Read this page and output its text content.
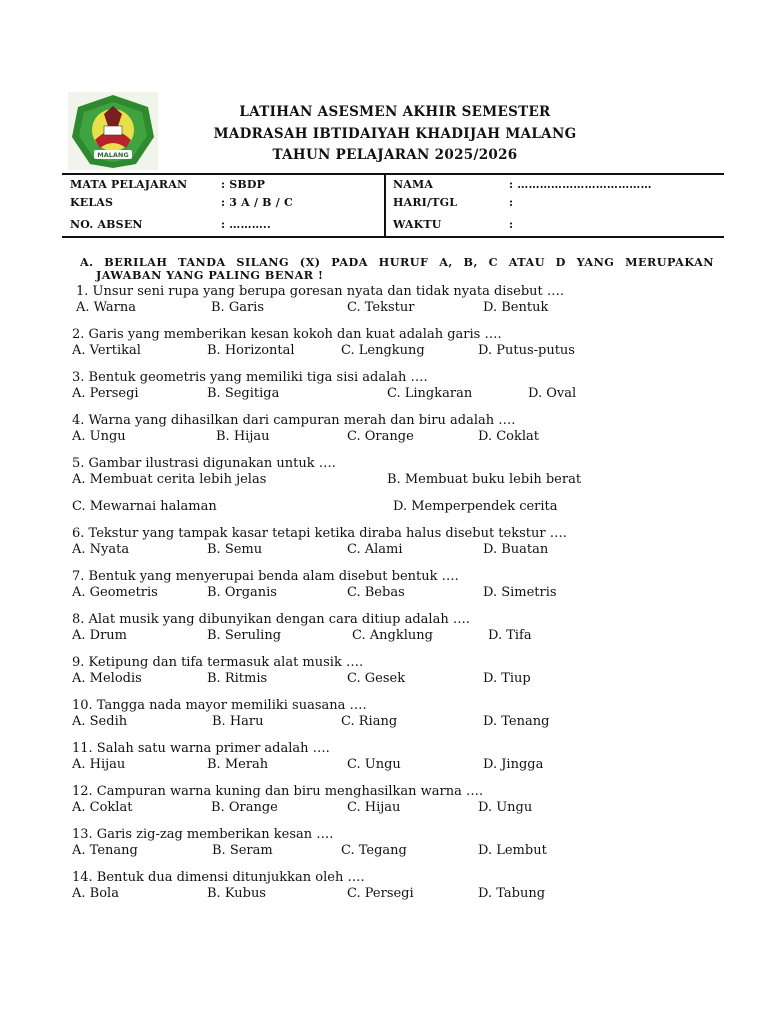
MALANG
LATIHAN ASESMEN AKHIR SEMESTER
MADRASAH IBTIDAIYAH KHADIJAH MALANG
TAHUN PELAJARAN 2025/2026
MATA PELAJARAN	: SBDP
KELAS	: 3 A / B / C
NO. ABSEN	: ………..
NAMA	: ………………………………
HARI/TGL	:
WAKTU	:
A. BERILAH TANDA SILANG (X) PADA HURUF A, B, C ATAU D YANG MERUPAKAN
JAWABAN YANG PALING BENAR !
1. Unsur seni rupa yang berupa goresan nyata dan tidak nyata disebut ….
A. Warna	B. Garis	C. Tekstur	D. Bentuk
2. Garis yang memberikan kesan kokoh dan kuat adalah garis ….
A. Vertikal	B. Horizontal	C. Lengkung	D. Putus-putus
3. Bentuk geometris yang memiliki tiga sisi adalah ….
A. Persegi	B. Segitiga	C. Lingkaran	D. Oval
4. Warna yang dihasilkan dari campuran merah dan biru adalah ….
A. Ungu	B. Hijau	C. Orange	D. Coklat
5. Gambar ilustrasi digunakan untuk ….
A. Membuat cerita lebih jelas	B. Membuat buku lebih berat
C. Mewarnai halaman	D. Memperpendek cerita
6. Tekstur yang tampak kasar tetapi ketika diraba halus disebut tekstur ….
A. Nyata	B. Semu	C. Alami	D. Buatan
7. Bentuk yang menyerupai benda alam disebut bentuk ….
A. Geometris	B. Organis	C. Bebas	D. Simetris
8. Alat musik yang dibunyikan dengan cara ditiup adalah ….
A. Drum	B. Seruling	C. Angklung	D. Tifa
9. Ketipung dan tifa termasuk alat musik ….
A. Melodis	B. Ritmis	C. Gesek	D. Tiup
10. Tangga nada mayor memiliki suasana ….
A. Sedih	B. Haru	C. Riang	D. Tenang
11. Salah satu warna primer adalah ….
A. Hijau	B. Merah	C. Ungu	D. Jingga
12. Campuran warna kuning dan biru menghasilkan warna ….
A. Coklat	B. Orange	C. Hijau	D. Ungu
13. Garis zig-zag memberikan kesan ….
A. Tenang	B. Seram	C. Tegang	D. Lembut
14. Bentuk dua dimensi ditunjukkan oleh ….
A. Bola	B. Kubus	C. Persegi	D. Tabung
